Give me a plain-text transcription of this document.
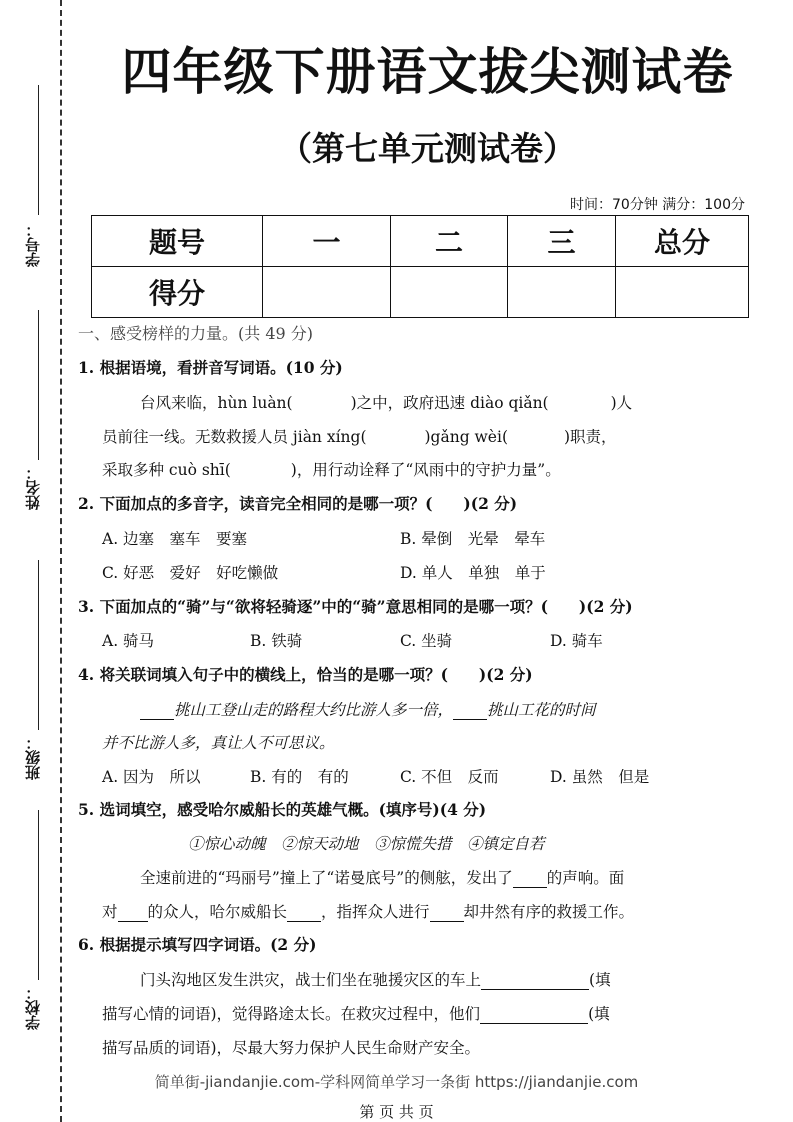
学号：
姓名：
班级：
学校：
四年级下册语文拔尖测试卷
（第七单元测试卷）
时间：70分钟 满分：100分
题号	一	二	三	总分
得分				
一、感受榜样的力量。(共 49 分)
1. 根据语境，看拼音写词语。(10 分)
台风来临，hùn luàn(	)之中，政府迅速 diào qiǎn(	)人
员前往一线。无数救援人员 jiàn xíng(	)gǎng wèi(	)职责，
采取多种 cuò shī(	)，用行动诠释了“风雨中的守护力量”。
2. 下面加点的多音字，读音完全相同的是哪一项？(　　)(2 分)
A. 边塞　塞车　要塞	B. 晕倒　光晕　晕车
C. 好恶　爱好　好吃懒做	D. 单人　单独　单于
3. 下面加点的“骑”与“欲将轻骑逐”中的“骑”意思相同的是哪一项？(　　)(2 分)
A. 骑马	B. 铁骑	C. 坐骑	D. 骑车
4. 将关联词填入句子中的横线上，恰当的是哪一项？(　　)(2 分)
挑山工登山走的路程大约比游人多一倍， 挑山工花的时间
并不比游人多，真让人不可思议。
A. 因为　所以	B. 有的　有的	C. 不但　反而	D. 虽然　但是
5. 选词填空，感受哈尔威船长的英雄气概。(填序号)(4 分)
①惊心动魄　②惊天动地　③惊慌失措　④镇定自若
全速前进的“玛丽号”撞上了“诺曼底号”的侧舷，发出了 的声响。面
对 的众人，哈尔威船长 ，指挥众人进行 却井然有序的救援工作。
6. 根据提示填写四字词语。(2 分)
门头沟地区发生洪灾，战士们坐在驰援灾区的车上	(填
描写心情的词语)，觉得路途太长。在救灾过程中，他们	(填
描写品质的词语)，尽最大努力保护人民生命财产安全。
简单街-jiandanjie.com-学科网简单学习一条街 https://jiandanjie.com
第 页 共 页
